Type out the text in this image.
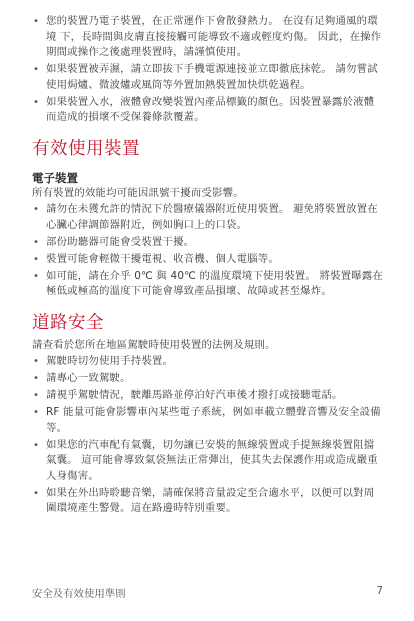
• 您的裝置乃電子裝置，在正常運作下會散發熱力。 在沒有足夠通風的環境 下，長時間與皮膚直接接觸可能導致不適或輕度灼傷。 因此，在操作期間或操作之後處理裝置時，請謹慎使用。
• 如果裝置被弄濕，請立即拔下手機電源連接並立即徹底抹乾。 請勿嘗試使用焗爐、微波爐或風筒等外置加熱裝置加快烘乾過程。
• 如果裝置入水，液體會改變裝置內產品標籤的顏色。因裝置暴露於液體而造成的損壞不受保養條款覆蓋。
有效使用裝置
電子裝置

所有裝置的效能均可能因訊號干擾而受影響。

• 請勿在未獲允許的情況下於醫療儀器附近使用裝置。 避免將裝置放置在心臟心律調節器附近，例如胸口上的口袋。
• 部份助聽器可能會受裝置干擾。
• 裝置可能會輕微干擾電視、收音機、個人電腦等。
• 如可能，請在介乎 0℃ 與 40℃ 的溫度環境下使用裝置。 將裝置曝露在極低或極高的溫度下可能會導致產品損壞、故障或甚至爆炸。
道路安全

請查看於您所在地區駕駛時使用裝置的法例及規則。

• 駕駛時切勿使用手持裝置。
• 請專心一致駕駛。
• 請視乎駕駛情況，駛離馬路並停泊好汽車後才撥打或接聽電話。
• RF 能量可能會影響車內某些電子系統，例如車載立體聲音響及安全設備等。
• 如果您的汽車配有氣囊，切勿讓已安裝的無線裝置或手提無線裝置阻擋氣囊。 這可能會導致氣袋無法正常彈出，使其失去保護作用或造成嚴重人身傷害。
• 如果在外出時聆聽音樂，請確保將音量設定至合適水平，以便可以對周圍環境產生警覺。這在路邊時特別重要。
安全及有效使用準則	7
